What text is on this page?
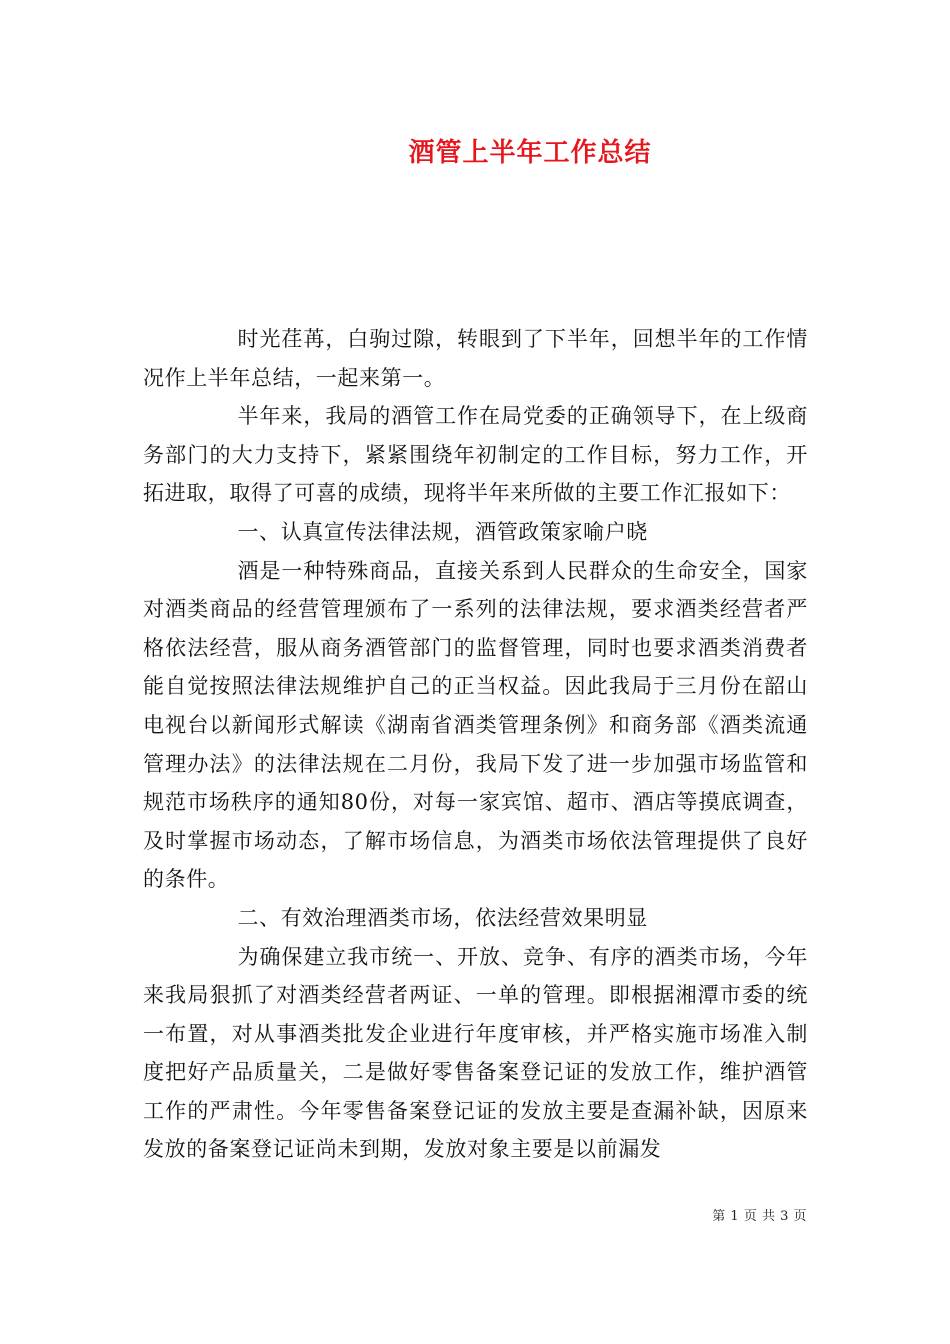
酒管上半年工作总结

时光荏苒，白驹过隙，转眼到了下半年，回想半年的工作情况作上半年总结，一起来第一。

半年来，我局的酒管工作在局党委的正确领导下，在上级商务部门的大力支持下，紧紧围绕年初制定的工作目标，努力工作，开拓进取，取得了可喜的成绩，现将半年来所做的主要工作汇报如下：

一、认真宣传法律法规，酒管政策家喻户晓

酒是一种特殊商品，直接关系到人民群众的生命安全，国家对酒类商品的经营管理颁布了一系列的法律法规，要求酒类经营者严格依法经营，服从商务酒管部门的监督管理，同时也要求酒类消费者能自觉按照法律法规维护自己的正当权益。因此我局于三月份在韶山电视台以新闻形式解读《湖南省酒类管理条例》和商务部《酒类流通管理办法》的法律法规在二月份，我局下发了进一步加强市场监管和规范市场秩序的通知80份，对每一家宾馆、超市、酒店等摸底调查，及时掌握市场动态，了解市场信息，为酒类市场依法管理提供了良好的条件。

二、有效治理酒类市场，依法经营效果明显

为确保建立我市统一、开放、竞争、有序的酒类市场，今年来我局狠抓了对酒类经营者两证、一单的管理。即根据湘潭市委的统一布置，对从事酒类批发企业进行年度审核，并严格实施市场准入制度把好产品质量关，二是做好零售备案登记证的发放工作，维护酒管工作的严肃性。今年零售备案登记证的发放主要是查漏补缺，因原来发放的备案登记证尚未到期，发放对象主要是以前漏发

第 1 页 共 3 页
